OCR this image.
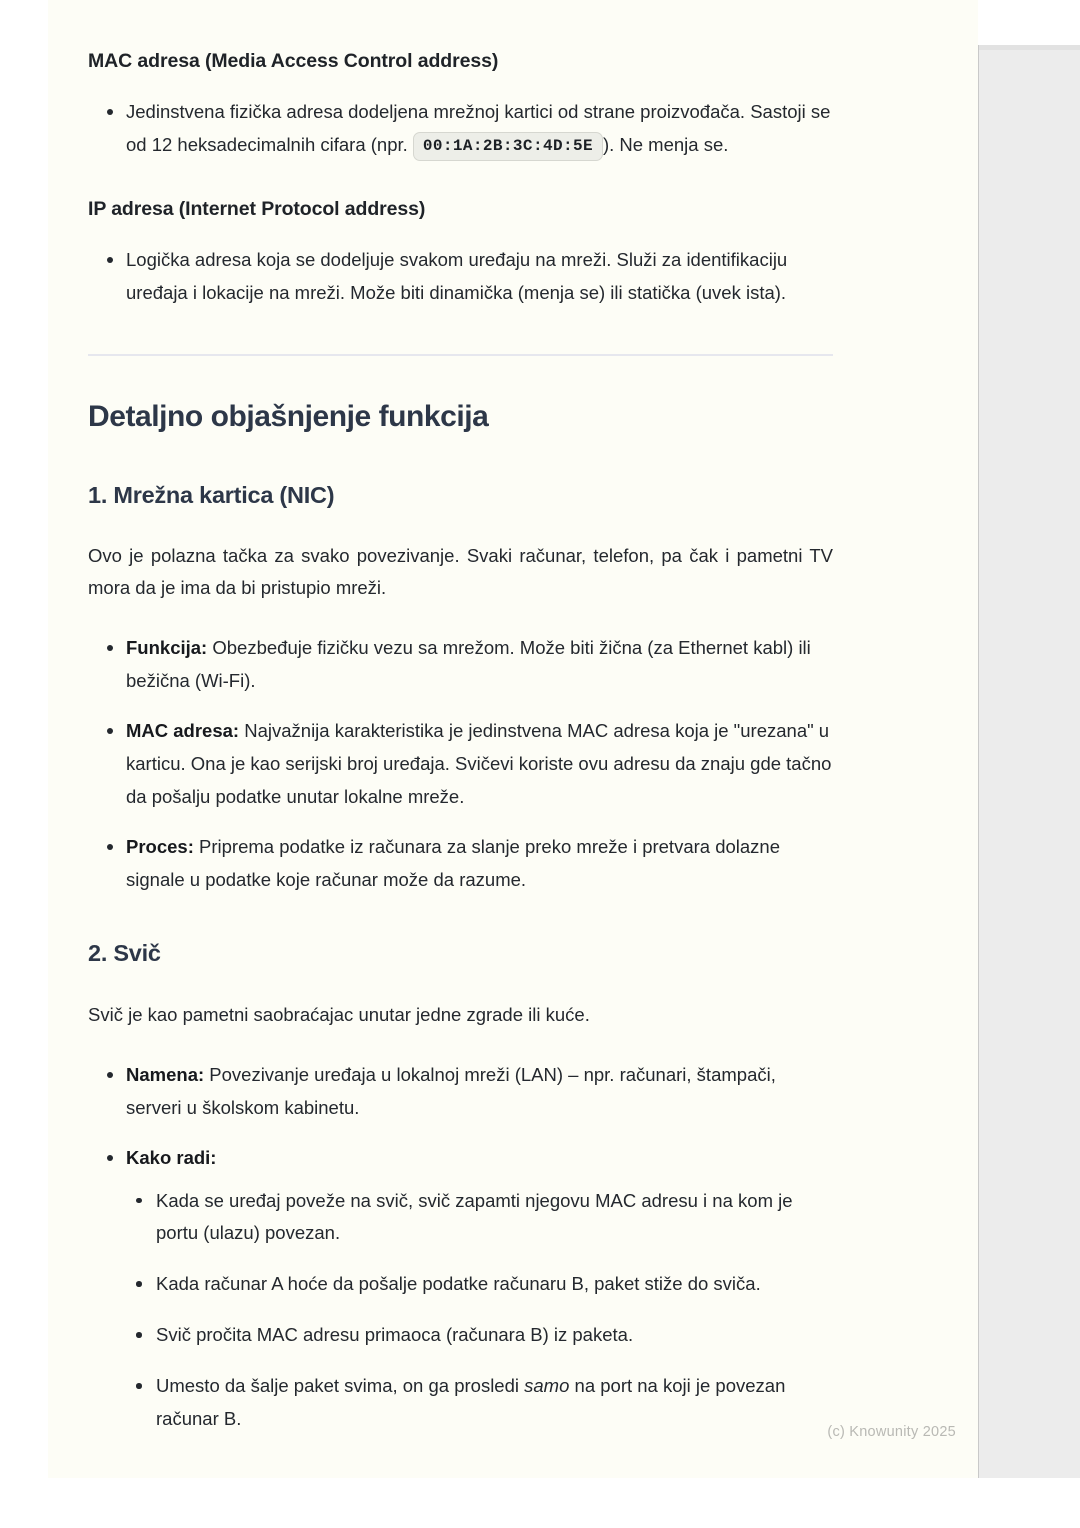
MAC adresa (Media Access Control address)
Jedinstvena fizička adresa dodeljena mrežnoj kartici od strane proizvođača. Sastoji se od 12 heksadecimalnih cifara (npr. 00:1A:2B:3C:4D:5E ). Ne menja se.
IP adresa (Internet Protocol address)
Logička adresa koja se dodeljuje svakom uređaju na mreži. Služi za identifikaciju uređaja i lokacije na mreži. Može biti dinamička (menja se) ili statička (uvek ista).
Detaljno objašnjenje funkcija
1. Mrežna kartica (NIC)

Ovo je polazna tačka za svako povezivanje. Svaki računar, telefon, pa čak i pametni TV mora da je ima da bi pristupio mreži.

Funkcija: Obezbeđuje fizičku vezu sa mrežom. Može biti žična (za Ethernet kabl) ili bežična (Wi-Fi).
MAC adresa: Najvažnija karakteristika je jedinstvena MAC adresa koja je "urezana" u karticu. Ona je kao serijski broj uređaja. Svičevi koriste ovu adresu da znaju gde tačno da pošalju podatke unutar lokalne mreže.
Proces: Priprema podatke iz računara za slanje preko mreže i pretvara dolazne signale u podatke koje računar može da razume.
2. Svič

Svič je kao pametni saobraćajac unutar jedne zgrade ili kuće.

Namena: Povezivanje uređaja u lokalnoj mreži (LAN) – npr. računari, štampači, serveri u školskom kabinetu.
Kako radi:
Kada se uređaj poveže na svič, svič zapamti njegovu MAC adresu i na kom je portu (ulazu) povezan.
Kada računar A hoće da pošalje podatke računaru B, paket stiže do sviča.
Svič pročita MAC adresu primaoca (računara B) iz paketa.
Umesto da šalje paket svima, on ga prosledi samo na port na koji je povezan računar B.
(c) Knowunity 2025
